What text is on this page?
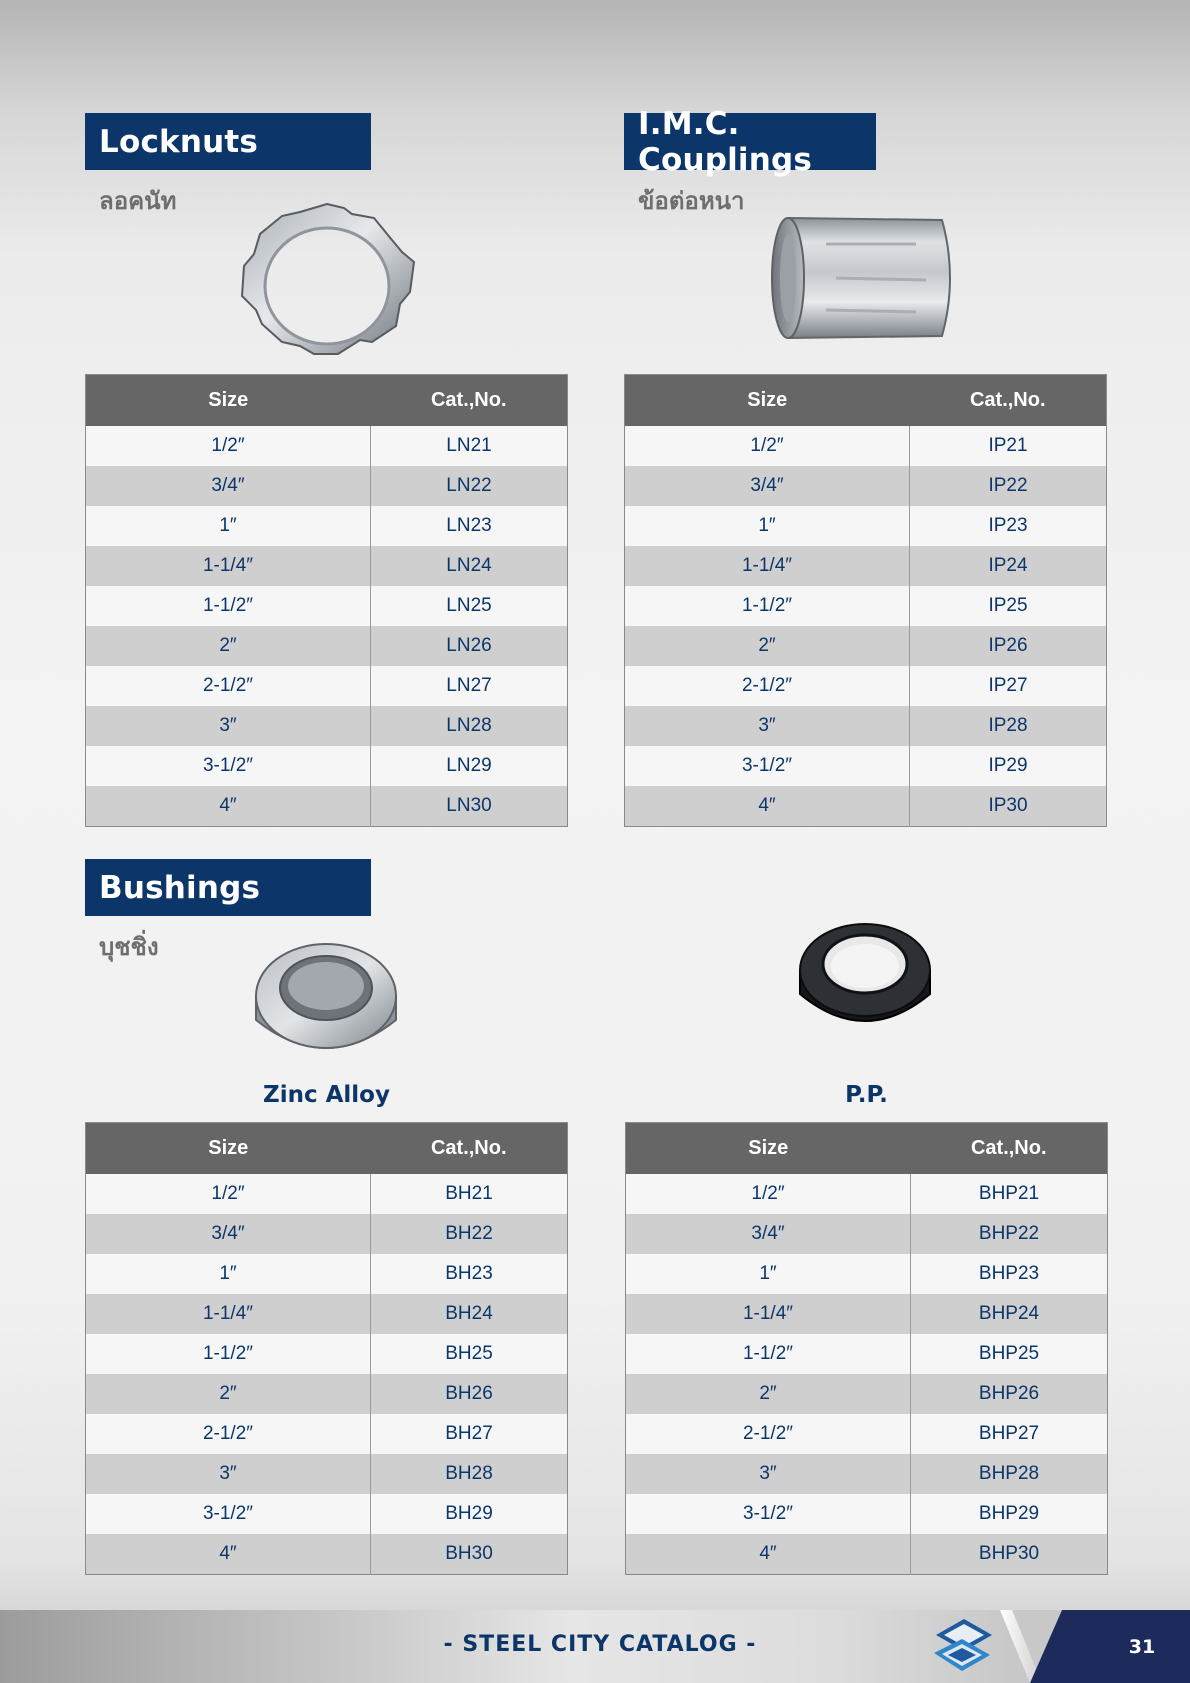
Locknuts
ลอคนัท
I.M.C. Couplings
ข้อต่อหนา
Size	Cat.,No.
1/2″	LN21
3/4″	LN22
1″	LN23
1-1/4″	LN24
1-1/2″	LN25
2″	LN26
2-1/2″	LN27
3″	LN28
3-1/2″	LN29
4″	LN30
Size	Cat.,No.
1/2″	IP21
3/4″	IP22
1″	IP23
1-1/4″	IP24
1-1/2″	IP25
2″	IP26
2-1/2″	IP27
3″	IP28
3-1/2″	IP29
4″	IP30
Bushings
บุชชิ่ง
Zinc Alloy	P.P.
Size	Cat.,No.
1/2″	BH21
3/4″	BH22
1″	BH23
1-1/4″	BH24
1-1/2″	BH25
2″	BH26
2-1/2″	BH27
3″	BH28
3-1/2″	BH29
4″	BH30
Size	Cat.,No.
1/2″	BHP21
3/4″	BHP22
1″	BHP23
1-1/4″	BHP24
1-1/2″	BHP25
2″	BHP26
2-1/2″	BHP27
3″	BHP28
3-1/2″	BHP29
4″	BHP30
- STEEL CITY CATALOG -	31
